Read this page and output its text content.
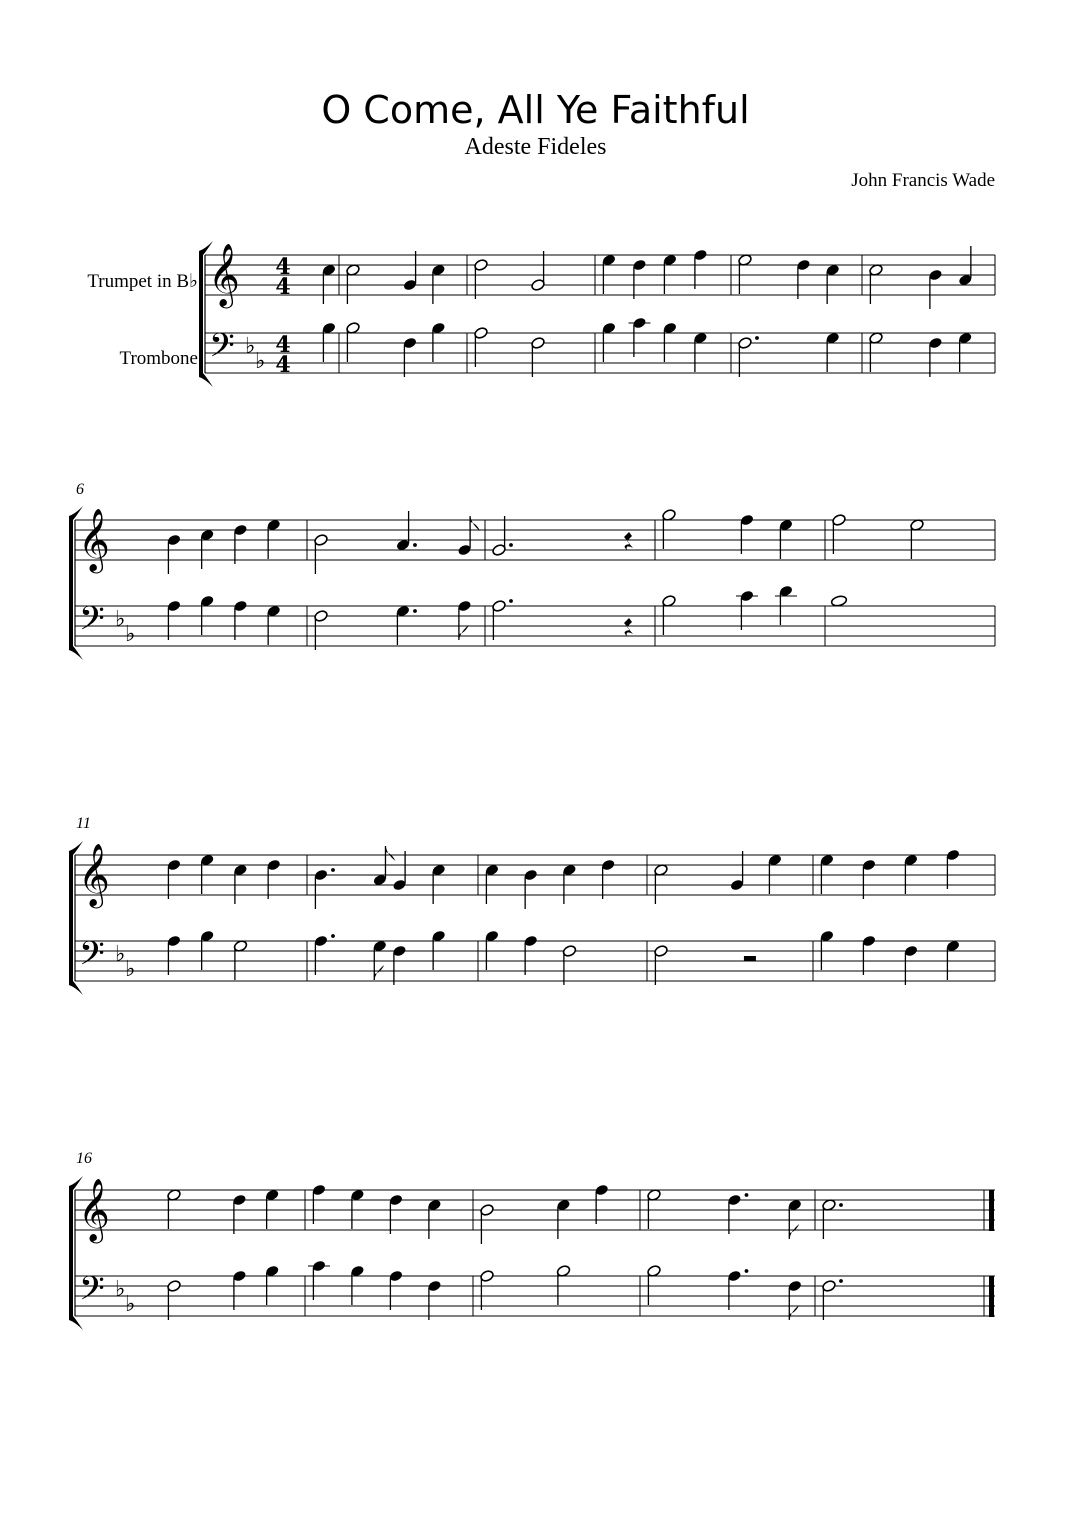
O Come, All Ye Faithful
Adeste Fideles
John Francis Wade
Trumpet in B♭
Trombone
6
11
16
𝄞
𝄢 ♭
♭
4
4
4
4
𝄞
𝄢 ♭
♭
𝄞
𝄢 ♭
♭
𝄞
𝄢 ♭
♭
